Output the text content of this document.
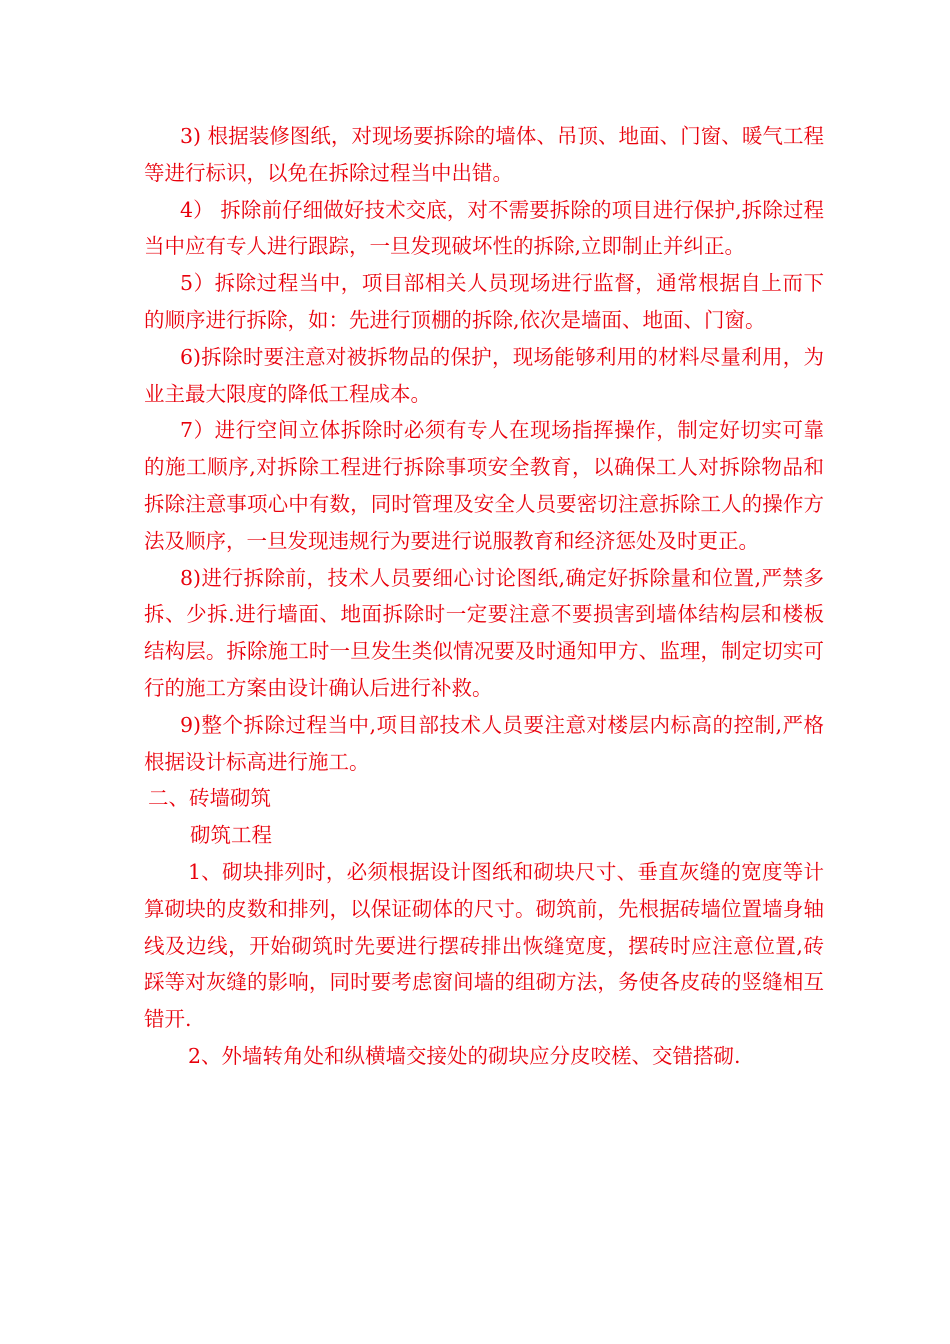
3) 根据装修图纸，对现场要拆除的墙体、吊顶、地面、门窗、暖气工程等进行标识，以免在拆除过程当中出错。

4） 拆除前仔细做好技术交底，对不需要拆除的项目进行保护,拆除过程当中应有专人进行跟踪，一旦发现破坏性的拆除,立即制止并纠正。

5）拆除过程当中，项目部相关人员现场进行监督，通常根据自上而下的顺序进行拆除，如：先进行顶棚的拆除,依次是墙面、地面、门窗。

6)拆除时要注意对被拆物品的保护，现场能够利用的材料尽量利用，为业主最大限度的降低工程成本。

7）进行空间立体拆除时必须有专人在现场指挥操作，制定好切实可靠的施工顺序,对拆除工程进行拆除事项安全教育，以确保工人对拆除物品和拆除注意事项心中有数，同时管理及安全人员要密切注意拆除工人的操作方法及顺序，一旦发现违规行为要进行说服教育和经济惩处及时更正。

8)进行拆除前，技术人员要细心讨论图纸,确定好拆除量和位置,严禁多拆、少拆.进行墙面、地面拆除时一定要注意不要损害到墙体结构层和楼板结构层。拆除施工时一旦发生类似情况要及时通知甲方、监理，制定切实可行的施工方案由设计确认后进行补救。

9)整个拆除过程当中,项目部技术人员要注意对楼层内标高的控制,严格根据设计标高进行施工。

二、砖墙砌筑

砌筑工程

1、砌块排列时，必须根据设计图纸和砌块尺寸、垂直灰缝的宽度等计算砌块的皮数和排列，以保证砌体的尺寸。砌筑前，先根据砖墙位置墙身轴线及边线，开始砌筑时先要进行摆砖排出恢缝宽度，摆砖时应注意位置,砖踩等对灰缝的影响，同时要考虑窗间墙的组砌方法，务使各皮砖的竖缝相互错开.

2、外墙转角处和纵横墙交接处的砌块应分皮咬槎、交错搭砌.
